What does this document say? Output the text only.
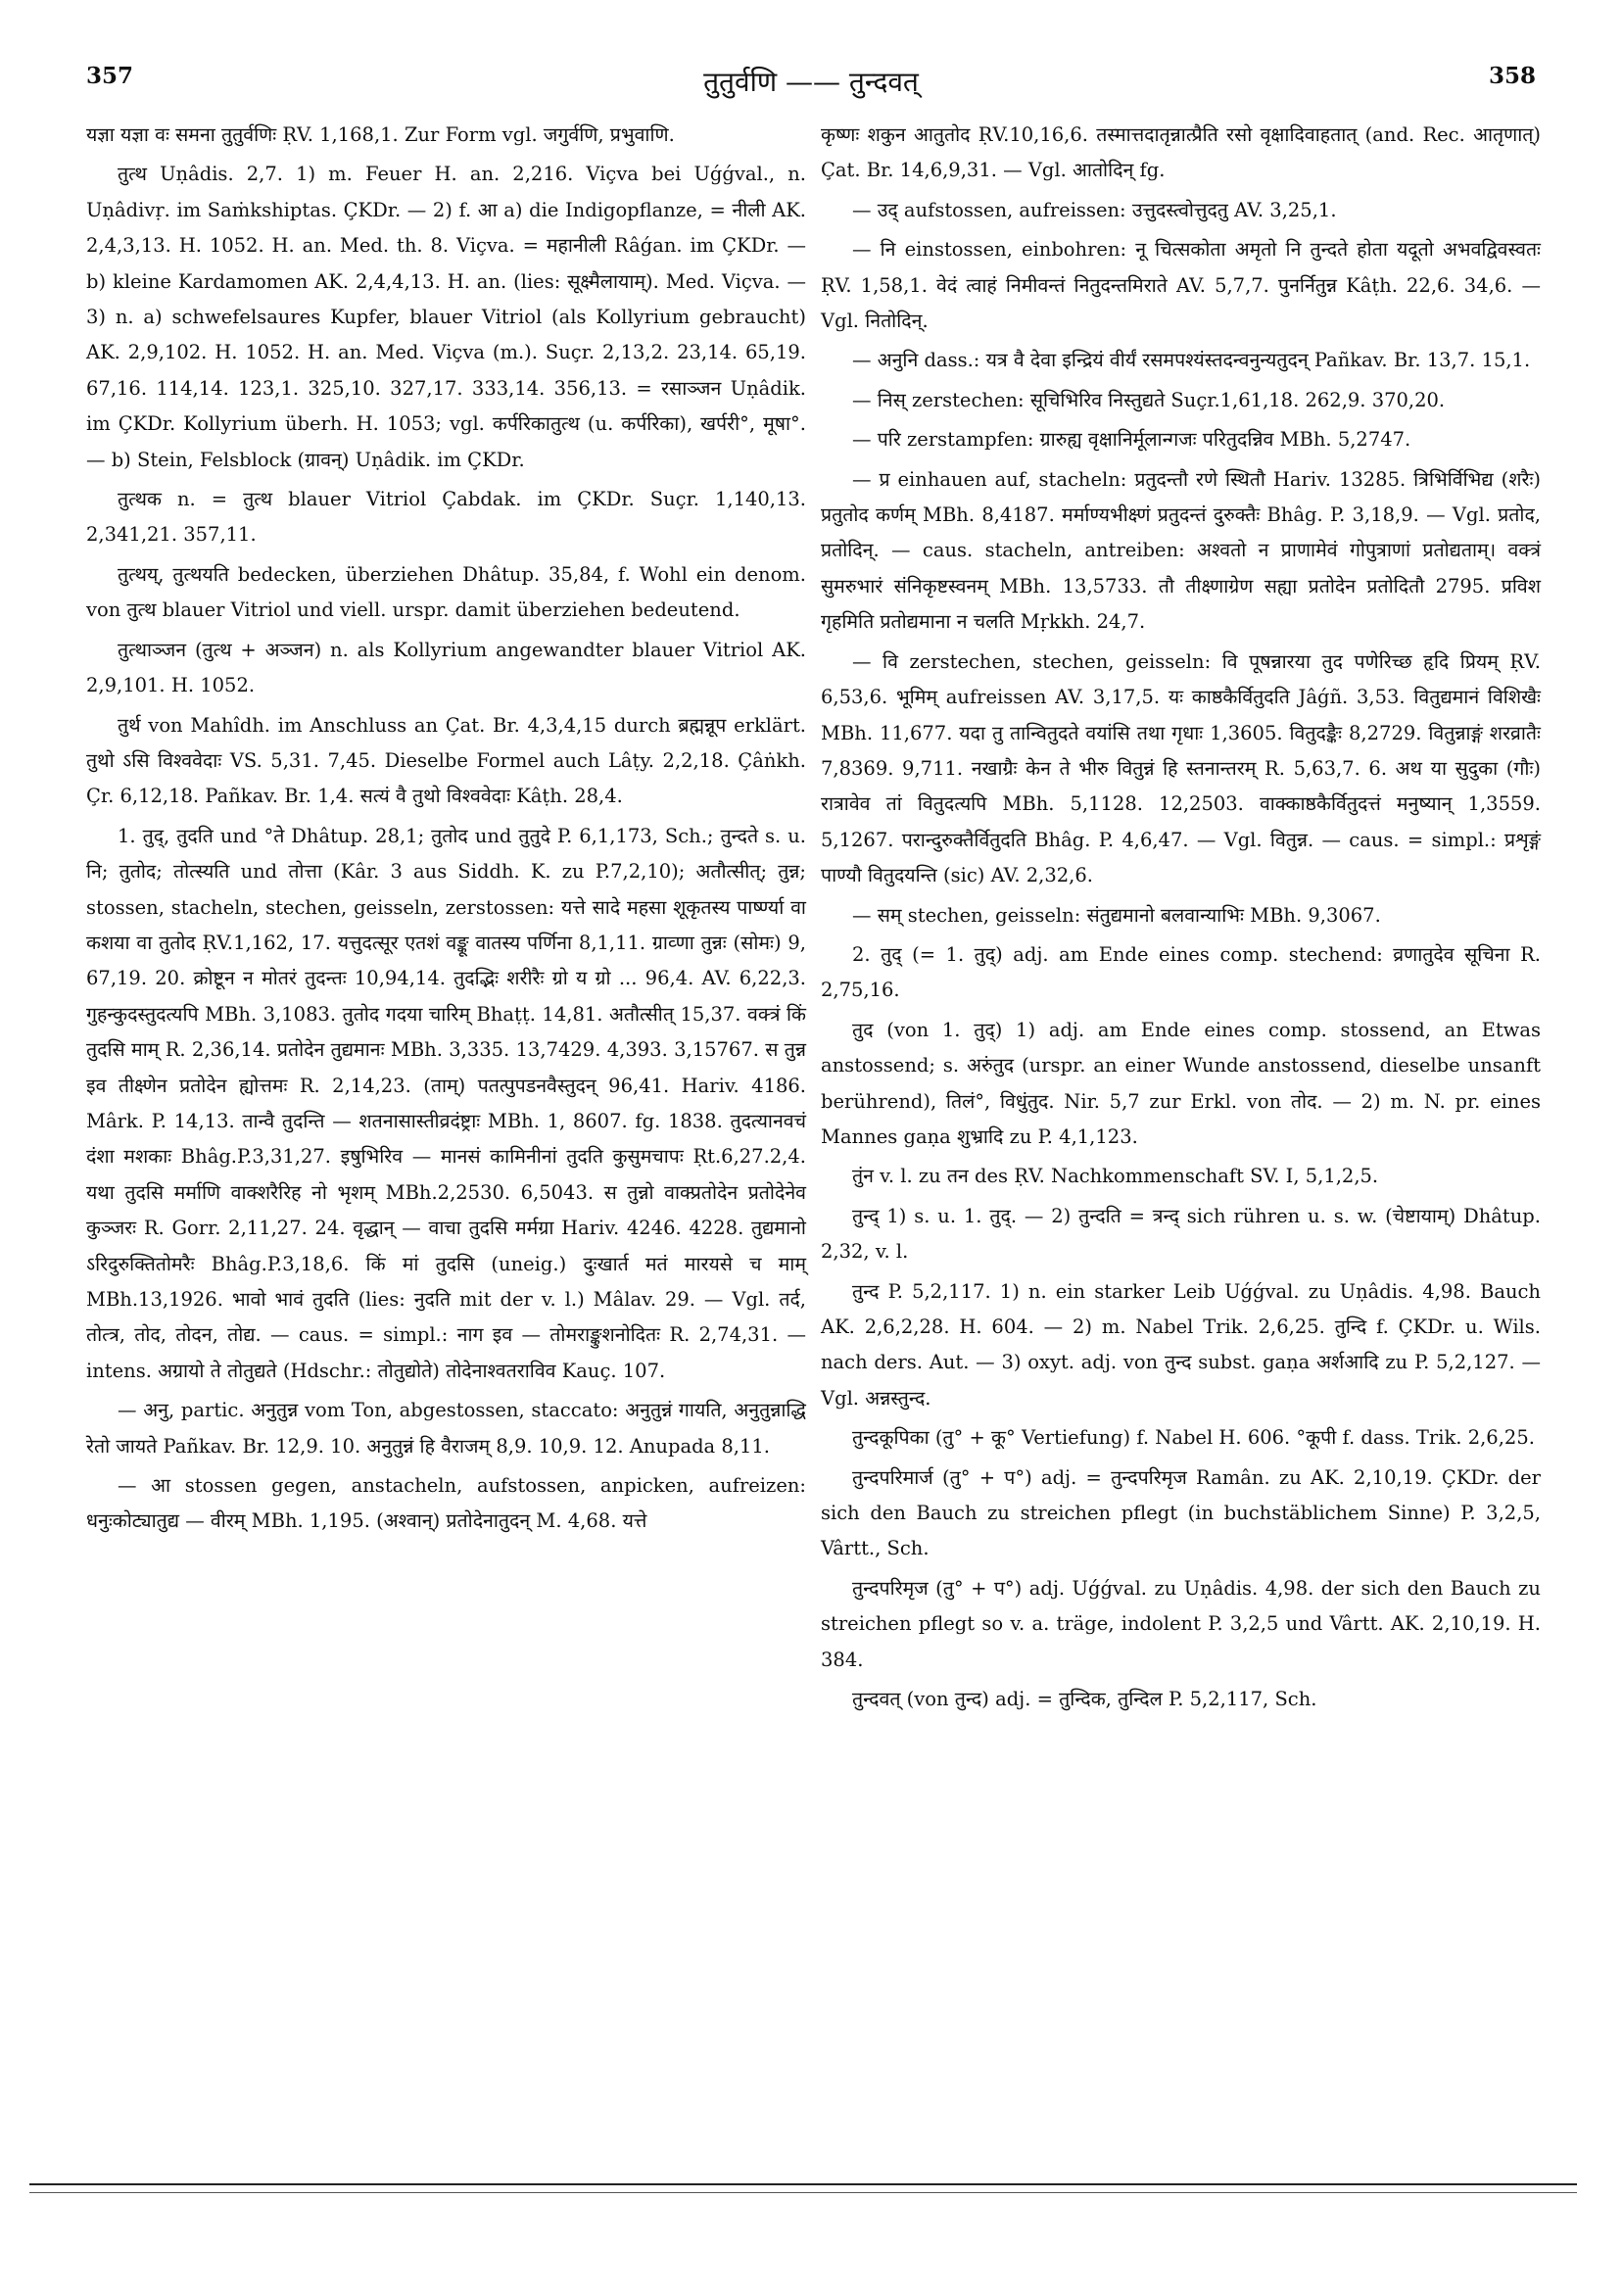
357	तुतुर्वणि —— तुन्दवत्	358

यज्ञा यज्ञा वः समना तुतुर्वणिः ṚV. 1,168,1. Zur Form vgl. जगुर्वणि, प्रभुवाणि.

तुत्थ Uṇâdis. 2,7. 1) m. Feuer H. an. 2,216. Viçva bei Uǵǵval., n. Uṇâdivṛ. im Saṁkshiptas. ÇKDr. — 2) f. आ a) die Indigopflanze, = नीली AK. 2,4,3,13. H. 1052. H. an. Med. th. 8. Viçva. = महानीली Râǵan. im ÇKDr. — b) kleine Kardamomen AK. 2,4,4,13. H. an. (lies: सूक्ष्मैलायाम्). Med. Viçva. — 3) n. a) schwefelsaures Kupfer, blauer Vitriol (als Kollyrium gebraucht) AK. 2,9,102. H. 1052. H. an. Med. Viçva (m.). Suçr. 2,13,2. 23,14. 65,19. 67,16. 114,14. 123,1. 325,10. 327,17. 333,14. 356,13. = रसाञ्जन Uṇâdik. im ÇKDr. Kollyrium überh. H. 1053; vgl. कर्परिकातुत्थ (u. कर्परिका), खर्परी°, मूषा°. — b) Stein, Felsblock (ग्रावन्) Uṇâdik. im ÇKDr.

तुत्थक n. = तुत्थ blauer Vitriol Çabdak. im ÇKDr. Suçr. 1,140,13. 2,341,21. 357,11.

तुत्थय्, तुत्थयति bedecken, überziehen Dhâtup. 35,84, f. Wohl ein denom. von तुत्थ blauer Vitriol und viell. urspr. damit überziehen bedeutend.

तुत्थाञ्जन (तुत्थ + अञ्जन) n. als Kollyrium angewandter blauer Vitriol AK. 2,9,101. H. 1052.

तुर्थ von Mahîdh. im Anschluss an Çat. Br. 4,3,4,15 durch ब्रह्मन्नूप erklärt. तुथो ऽसि विश्ववेदाः VS. 5,31. 7,45. Dieselbe Formel auch Lâṭy. 2,2,18. Çâṅkh. Çr. 6,12,18. Pañkav. Br. 1,4. सत्यं वै तुथो विश्ववेदाः Kâṭh. 28,4.

1. तुद्, तुदति und °ते Dhâtup. 28,1; तुतोद und तुतुदे P. 6,1,173, Sch.; तुन्दते s. u. नि; तुतोद; तोत्स्यति und तोत्ता (Kâr. 3 aus Siddh. K. zu P.7,2,10); अतौत्सीत्; तुन्न; stossen, stacheln, stechen, geisseln, zerstossen: यत्ते सादे महसा शूकृतस्य पार्ष्ण्या वा कशया वा तुतोद ṚV.1,162, 17. यत्तुदत्सूर एतशं वङ्कू वातस्य पर्णिना 8,1,11. ग्राव्णा तुन्नः (सोमः) 9, 67,19. 20. क्रोष्टून न मोतरं तुदन्तः 10,94,14. तुदद्भिः शरीरैः ग्रो य ग्रो ... 96,4. AV. 6,22,3. गुहन्कुदस्तुदत्यपि MBh. 3,1083. तुतोद गदया चारिम् Bhaṭṭ. 14,81. अतौत्सीत् 15,37. वक्त्रं किं तुदसि माम् R. 2,36,14. प्रतोदेन तुद्यमानः MBh. 3,335. 13,7429. 4,393. 3,15767. स तुन्न इव तीक्ष्णेन प्रतोदेन ह्योत्तमः R. 2,14,23. (ताम्) पतत्पुपडनवैस्तुदन् 96,41. Hariv. 4186. Mârk. P. 14,13. तान्वै तुदन्ति — शतनासास्तीव्रदंष्ट्राः MBh. 1, 8607. fg. 1838. तुदत्यानवचं दंशा मशकाः Bhâg.P.3,31,27. इषुभिरिव — मानसं कामिनीनां तुदति कुसुमचापः Ṛt.6,27.2,4. यथा तुदसि मर्माणि वाक्शरैरिह नो भृशम् MBh.2,2530. 6,5043. स तुन्नो वाक्प्रतोदेन प्रतोदेनेव कुञ्जरः R. Gorr. 2,11,27. 24. वृद्धान् — वाचा तुदसि मर्मग्रा Hariv. 4246. 4228. तुद्यमानो ऽरिदुरुक्तितोमरैः Bhâg.P.3,18,6. किं मां तुदसि (uneig.) दुःखार्त मतं मारयसे च माम् MBh.13,1926. भावो भावं तुदति (lies: नुदति mit der v. l.) Mâlav. 29. — Vgl. तर्द, तोत्त्र, तोद, तोदन, तोद्य. — caus. = simpl.: नाग इव — तोमराङ्कुशनोदितः R. 2,74,31. — intens. अग्रायो ते तोतुद्यते (Hdschr.: तोतुद्योते) तोदेनाश्वतराविव Kauç. 107.

— अनु, partic. अनुतुन्न vom Ton, abgestossen, staccato: अनुतुन्नं गायति, अनुतुन्नाद्धि रेतो जायते Pañkav. Br. 12,9. 10. अनुतुन्नं हि वैराजम् 8,9. 10,9. 12. Anupada 8,11.

— आ stossen gegen, anstacheln, aufstossen, anpicken, aufreizen: धनुःकोट्यातुद्य — वीरम् MBh. 1,195. (अश्वान्) प्रतोदेनातुदन् M. 4,68. यत्ते

कृष्णः शकुन आतुतोद ṚV.10,16,6. तस्मात्तदातृन्नात्प्रैति रसो वृक्षादिवाहतात् (and. Rec. आतृणात्) Çat. Br. 14,6,9,31. — Vgl. आतोदिन् fg.

— उद् aufstossen, aufreissen: उत्तुदस्त्वोत्तुदतु AV. 3,25,1.

— नि einstossen, einbohren: नू चित्सकोता अमृतो नि तुन्दते होता यदूतो अभवद्विवस्वतः ṚV. 1,58,1. वेदं त्वाहं निमीवन्तं नितुदन्तमिराते AV. 5,7,7. पुनर्नितुन्न Kâṭh. 22,6. 34,6. — Vgl. नितोदिन्.

— अनुनि dass.: यत्र वै देवा इन्द्रियं वीर्यं रसमपश्यंस्तदन्वनुन्यतुदन् Pañkav. Br. 13,7. 15,1.

— निस् zerstechen: सूचिभिरिव निस्तुद्यते Suçr.1,61,18. 262,9. 370,20.

— परि zerstampfen: ग्रारुह्य वृक्षानिर्मूलान्गजः परितुदन्निव MBh. 5,2747.

— प्र einhauen auf, stacheln: प्रतुदन्तौ रणे स्थितौ Hariv. 13285. त्रिभिर्विभिद्य (शरैः) प्रतुतोद कर्णम् MBh. 8,4187. मर्माण्यभीक्ष्णं प्रतुदन्तं दुरुक्तैः Bhâg. P. 3,18,9. — Vgl. प्रतोद, प्रतोदिन्. — caus. stacheln, antreiben: अश्वतो न प्राणामेवं गोपुत्राणां प्रतोद्यताम्। वक्त्रं सुमरुभारं संनिकृष्टस्वनम् MBh. 13,5733. तौ तीक्ष्णाग्रेण सह्या प्रतोदेन प्रतोदितौ 2795. प्रविश गृहमिति प्रतोद्यमाना न चलति Mṛkkh. 24,7.

— वि zerstechen, stechen, geisseln: वि पूषन्नारया तुद पणेरिच्छ हृदि प्रियम् ṚV. 6,53,6. भूमिम् aufreissen AV. 3,17,5. यः काष्ठकैर्वितुदति Jâǵñ. 3,53. वितुद्यमानं विशिखैः MBh. 11,677. यदा तु तान्वितुदते वयांसि तथा गृधाः 1,3605. वितुदङ्कैः 8,2729. वितुन्नाङ्गं शरव्रातैः 7,8369. 9,711. नखाग्रैः केन ते भीरु वितुन्नं हि स्तनान्तरम् R. 5,63,7. 6. अथ या सुदुका (गौः) रात्रावेव तां वितुदत्यपि MBh. 5,1128. 12,2503. वाक्काष्ठकैर्वितुदत्तं मनुष्यान् 1,3559. 5,1267. परान्दुरुक्तैर्वितुदति Bhâg. P. 4,6,47. — Vgl. वितुन्न. — caus. = simpl.: प्रशृङ्गं पाण्यौ वितुदयन्ति (sic) AV. 2,32,6.

— सम् stechen, geisseln: संतुद्यमानो बलवान्याभिः MBh. 9,3067.

2. तुद् (= 1. तुद्) adj. am Ende eines comp. stechend: व्रणातुदेव सूचिना R. 2,75,16.

तुद (von 1. तुद्) 1) adj. am Ende eines comp. stossend, an Etwas anstossend; s. अरुंतुद (urspr. an einer Wunde anstossend, dieselbe unsanft berührend), तिलं°, विधुंतुद. Nir. 5,7 zur Erkl. von तोद. — 2) m. N. pr. eines Mannes gaṇa शुभ्रादि zu P. 4,1,123.

तुंन v. l. zu तन des ṚV. Nachkommenschaft SV. I, 5,1,2,5.

तुन्द् 1) s. u. 1. तुद्. — 2) तुन्दति = त्रन्द् sich rühren u. s. w. (चेष्टायाम्) Dhâtup. 2,32, v. l.

तुन्द P. 5,2,117. 1) n. ein starker Leib Uǵǵval. zu Uṇâdis. 4,98. Bauch AK. 2,6,2,28. H. 604. — 2) m. Nabel Trik. 2,6,25. तुन्दि f. ÇKDr. u. Wils. nach ders. Aut. — 3) oxyt. adj. von तुन्द subst. gaṇa अर्शआदि zu P. 5,2,127. — Vgl. अन्नस्तुन्द.

तुन्दकूपिका (तु° + कू° Vertiefung) f. Nabel H. 606. °कूपी f. dass. Trik. 2,6,25.

तुन्दपरिमार्ज (तु° + प°) adj. = तुन्दपरिमृज Ramân. zu AK. 2,10,19. ÇKDr. der sich den Bauch zu streichen pflegt (in buchstäblichem Sinne) P. 3,2,5, Vârtt., Sch.

तुन्दपरिमृज (तु° + प°) adj. Uǵǵval. zu Uṇâdis. 4,98. der sich den Bauch zu streichen pflegt so v. a. träge, indolent P. 3,2,5 und Vârtt. AK. 2,10,19. H. 384.

तुन्दवत् (von तुन्द) adj. = तुन्दिक, तुन्दिल P. 5,2,117, Sch.
